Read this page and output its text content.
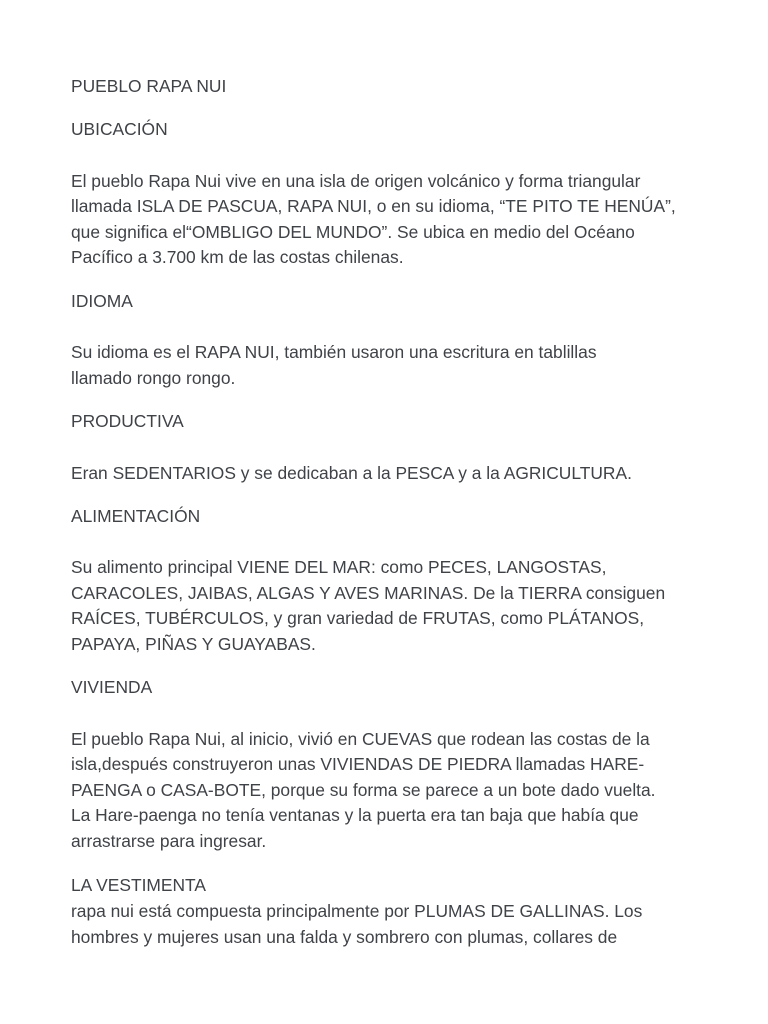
PUEBLO RAPA NUI
UBICACIÓN
El pueblo Rapa Nui vive en una isla de origen volcánico y forma triangular
llamada ISLA DE PASCUA, RAPA NUI, o en su idioma, “TE PITO TE HENÚA”,
que significa el“OMBLIGO DEL MUNDO”. Se ubica en medio del Océano
Pacífico a 3.700 km de las costas chilenas.
IDIOMA
Su idioma es el RAPA NUI, también usaron una escritura en tablillas
llamado rongo rongo.
PRODUCTIVA
Eran SEDENTARIOS y se dedicaban a la PESCA y a la AGRICULTURA.
ALIMENTACIÓN
Su alimento principal VIENE DEL MAR: como PECES, LANGOSTAS,
CARACOLES, JAIBAS, ALGAS Y AVES MARINAS. De la TIERRA consiguen
RAÍCES, TUBÉRCULOS, y gran variedad de FRUTAS, como PLÁTANOS,
PAPAYA, PIÑAS Y GUAYABAS.
VIVIENDA
El pueblo Rapa Nui, al inicio, vivió en CUEVAS que rodean las costas de la
isla,después construyeron unas VIVIENDAS DE PIEDRA llamadas HARE-
PAENGA o CASA-BOTE, porque su forma se parece a un bote dado vuelta.
La Hare-paenga no tenía ventanas y la puerta era tan baja que había que
arrastrarse para ingresar.
LA VESTIMENTA
rapa nui está compuesta principalmente por PLUMAS DE GALLINAS. Los
hombres y mujeres usan una falda y sombrero con plumas, collares de
